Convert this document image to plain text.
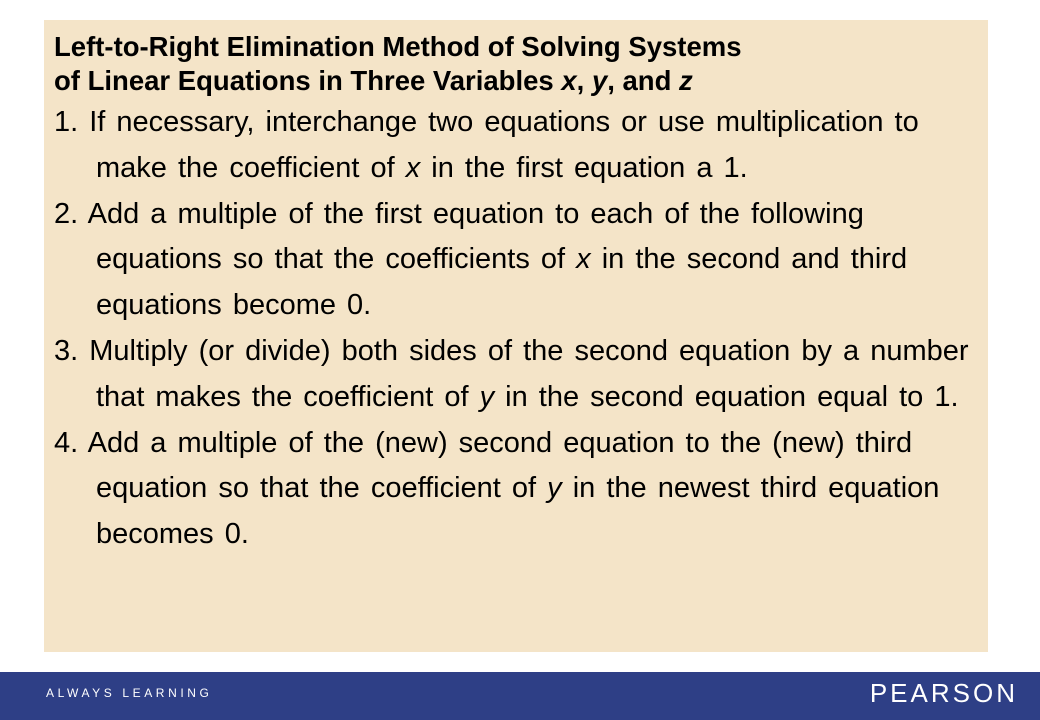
Left-to-Right Elimination Method of Solving Systems
of Linear Equations in Three Variables x, y, and z
1. If necessary, interchange two equations or use multiplication to make the coefficient of x in the first equation a 1.
2. Add a multiple of the first equation to each of the following equations so that the coefficients of x in the second and third equations become 0.
3. Multiply (or divide) both sides of the second equation by a number that makes the coefficient of y in the second equation equal to 1.
4. Add a multiple of the (new) second equation to the (new) third equation so that the coefficient of y in the newest third equation becomes 0.
ALWAYS LEARNING	PEARSON
